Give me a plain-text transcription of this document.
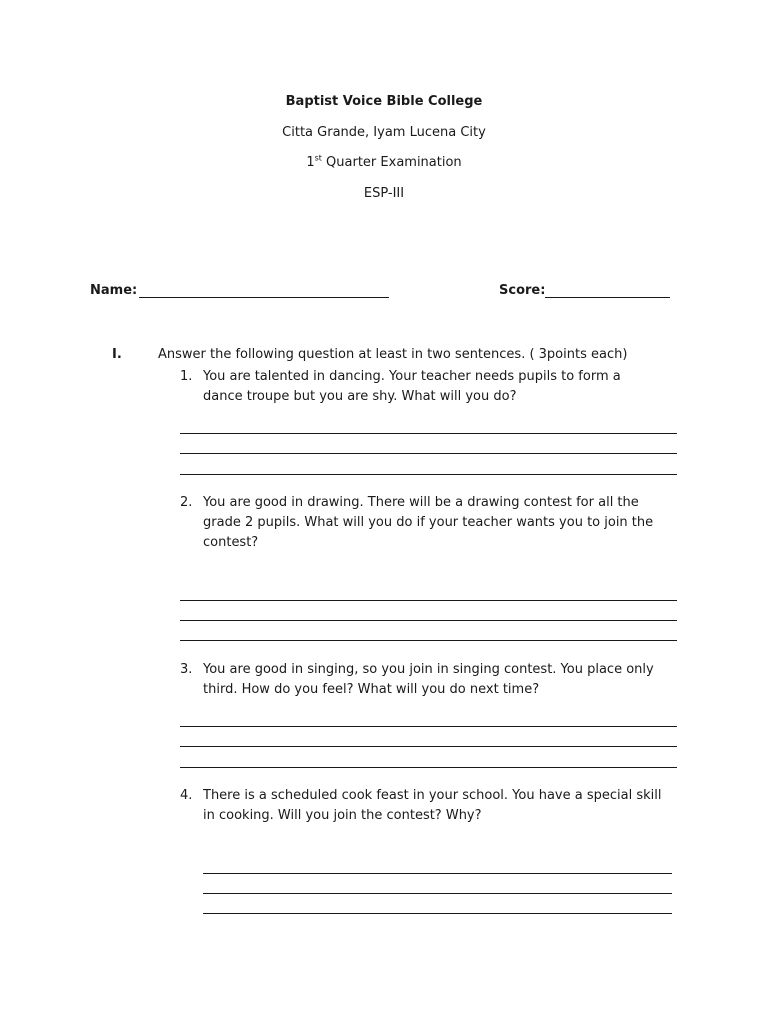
Baptist Voice Bible College
Citta Grande, Iyam Lucena City
1st Quarter Examination
ESP-III
Name:	Score:
I.	Answer the following question at least in two sentences. ( 3points each)
1. You are talented in dancing. Your teacher needs pupils to form a
dance troupe but you are shy. What will you do?
2. You are good in drawing. There will be a drawing contest for all the
grade 2 pupils. What will you do if your teacher wants you to join the
contest?
3. You are good in singing, so you join in singing contest. You place only
third. How do you feel? What will you do next time?
4. There is a scheduled cook feast in your school. You have a special skill
in cooking. Will you join the contest? Why?
